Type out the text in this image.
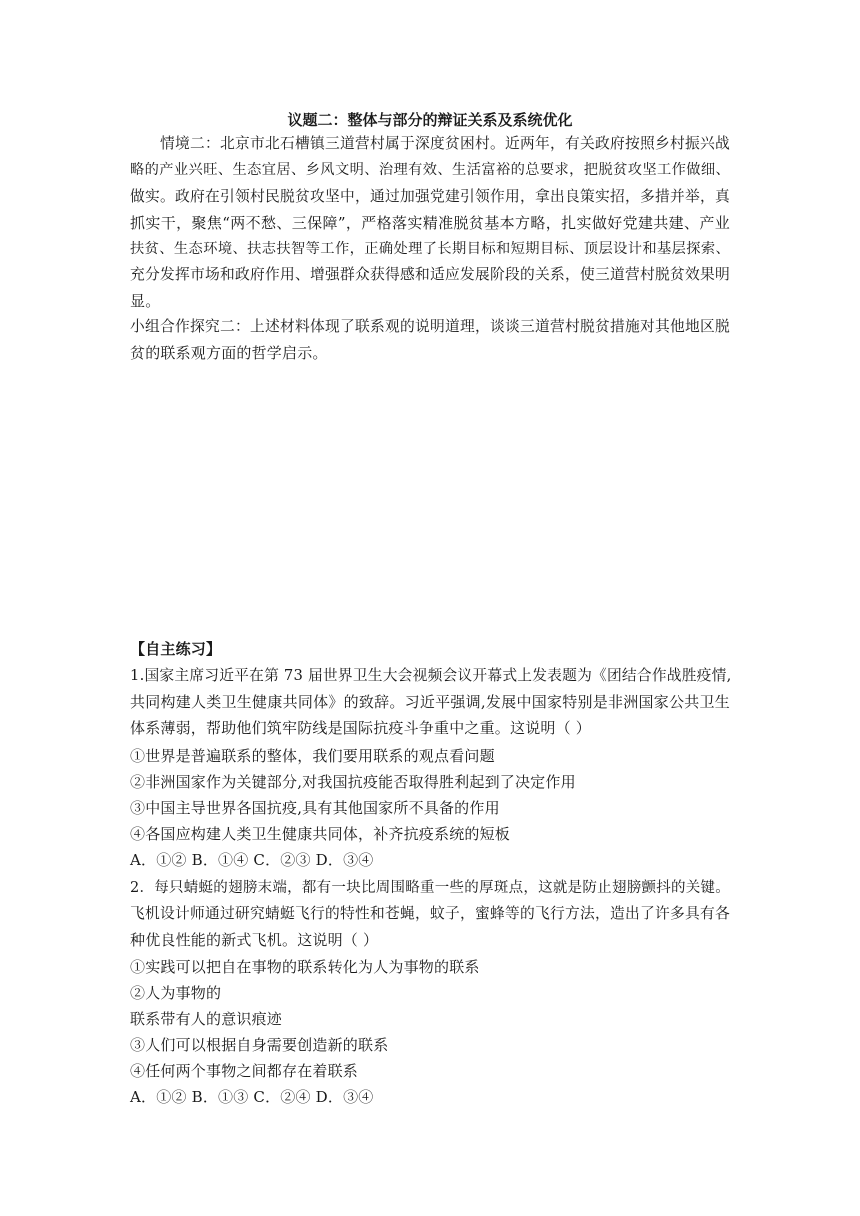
议题二：整体与部分的辩证关系及系统优化
情境二：北京市北石槽镇三道营村属于深度贫困村。近两年，有关政府按照乡村振兴战
略的产业兴旺、生态宜居、乡风文明、治理有效、生活富裕的总要求，把脱贫攻坚工作做细、
做实。政府在引领村民脱贫攻坚中，通过加强党建引领作用，拿出良策实招，多措并举，真
抓实干，聚焦“两不愁、三保障”，严格落实精准脱贫基本方略，扎实做好党建共建、产业
扶贫、生态环境、扶志扶智等工作，正确处理了长期目标和短期目标、顶层设计和基层探索、
充分发挥市场和政府作用、增强群众获得感和适应发展阶段的关系，使三道营村脱贫效果明
显。
小组合作探究二：上述材料体现了联系观的说明道理，谈谈三道营村脱贫措施对其他地区脱
贫的联系观方面的哲学启示。
【自主练习】
1.国家主席习近平在第 73 届世界卫生大会视频会议开幕式上发表题为《团结合作战胜疫情,
共同构建人类卫生健康共同体》的致辞。习近平强调,发展中国家特别是非洲国家公共卫生
体系薄弱，帮助他们筑牢防线是国际抗疫斗争重中之重。这说明（ ）
①世界是普遍联系的整体，我们要用联系的观点看问题
②非洲国家作为关键部分,对我国抗疫能否取得胜利起到了决定作用
③中国主导世界各国抗疫,具有其他国家所不具备的作用
④各国应构建人类卫生健康共同体，补齐抗疫系统的短板
A．①② B．①④ C．②③ D．③④
2．每只蜻蜓的翅膀末端，都有一块比周围略重一些的厚斑点，这就是防止翅膀颤抖的关键。
飞机设计师通过研究蜻蜓飞行的特性和苍蝇，蚊子，蜜蜂等的飞行方法，造出了许多具有各
种优良性能的新式飞机。这说明（ ）
①实践可以把自在事物的联系转化为人为事物的联系
②人为事物的
联系带有人的意识痕迹
③人们可以根据自身需要创造新的联系
④任何两个事物之间都存在着联系
A．①② B．①③ C．②④ D．③④
